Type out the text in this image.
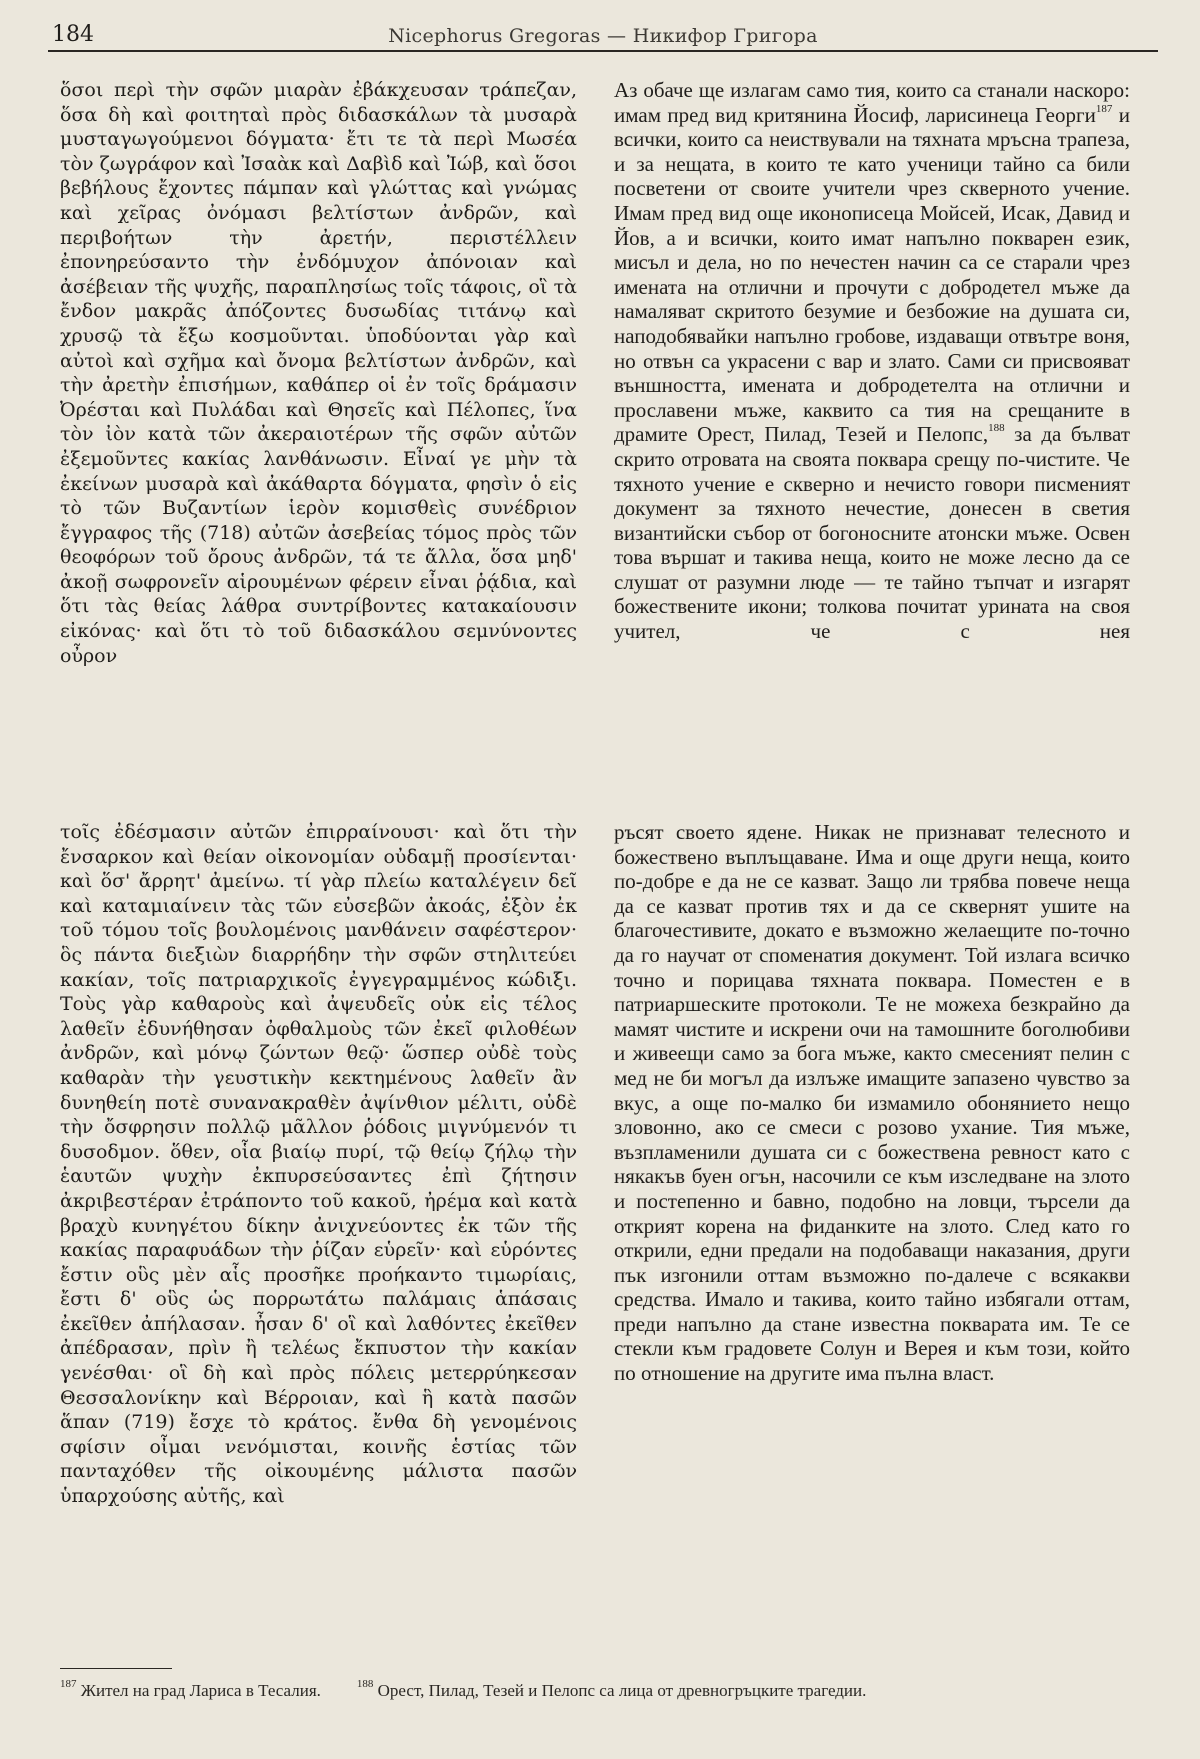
184	Nicephorus Gregoras — Никифор Григора

ὅσοι περὶ τὴν σφῶν μιαρὰν ἐβάκχευσαν τράπεζαν, ὅσα δὴ καὶ φοιτηταὶ πρὸς διδασκάλων τὰ μυσαρὰ μυσταγωγούμενοι δόγματα· ἔτι τε τὰ περὶ Μωσέα τὸν ζωγράφον καὶ Ἰσαὰκ καὶ Δαβὶδ καὶ Ἰώβ, καὶ ὅσοι βεβήλους ἔχοντες πάμπαν καὶ γλώττας καὶ γνώμας καὶ χεῖρας ὀνόμασι βελτίστων ἀνδρῶν, καὶ περιβοήτων τὴν ἀρετήν, περιστέλλειν ἐπονηρεύσαντο τὴν ἐνδόμυχον ἀπόνοιαν καὶ ἀσέβειαν τῆς ψυχῆς, παραπλησίως τοῖς τάφοις, οἳ τὰ ἔνδον μακρᾶς ἀπόζοντες δυσωδίας τιτάνῳ καὶ χρυσῷ τὰ ἔξω κοσμοῦνται. ὑποδύονται γὰρ καὶ αὐτοὶ καὶ σχῆμα καὶ ὄνομα βελτίστων ἀνδρῶν, καὶ τὴν ἀρετὴν ἐπισήμων, καθάπερ οἱ ἐν τοῖς δράμασιν Ὀρέσται καὶ Πυλάδαι καὶ Θησεῖς καὶ Πέλοπες, ἵνα τὸν ἰὸν κατὰ τῶν ἀκεραιοτέρων τῆς σφῶν αὐτῶν ἐξεμοῦντες κακίας λανθάνωσιν. Εἶναί γε μὴν τὰ ἐκείνων μυσαρὰ καὶ ἀκάθαρτα δόγματα, φησὶν ὁ εἰς τὸ τῶν Βυζαντίων ἱερὸν κομισθεὶς συνέδριον ἔγγραφος τῆς (718) αὐτῶν ἀσεβείας τόμος πρὸς τῶν θεοφόρων τοῦ ὄρους ἀνδρῶν, τά τε ἄλλα, ὅσα μηδ' ἀκοῇ σωφρονεῖν αἱρουμένων φέρειν εἶναι ῥᾴδια, καὶ ὅτι τὰς θείας λάθρα συντρίβοντες κατακαίουσιν εἰκόνας· καὶ ὅτι τὸ τοῦ διδασκάλου σεμνύνοντες οὖρον

τοῖς ἐδέσμασιν αὐτῶν ἐπιρραίνουσι· καὶ ὅτι τὴν ἔνσαρκον καὶ θείαν οἰκονομίαν οὐδαμῇ προσίενται· καὶ ὅσ' ἄρρητ' ἀμείνω. τί γὰρ πλείω καταλέγειν δεῖ καὶ καταμιαίνειν τὰς τῶν εὐσεβῶν ἀκοάς, ἐξὸν ἐκ τοῦ τόμου τοῖς βουλομένοις μανθάνειν σαφέστερον· ὃς πάντα διεξιὼν διαρρήδην τὴν σφῶν στηλιτεύει κακίαν, τοῖς πατριαρχικοῖς ἐγγεγραμμένος κώδιξι. Τοὺς γὰρ καθαροὺς καὶ ἀψευδεῖς οὐκ εἰς τέλος λαθεῖν ἐδυνήθησαν ὀφθαλμοὺς τῶν ἐκεῖ φιλοθέων ἀνδρῶν, καὶ μόνῳ ζώντων θεῷ· ὥσπερ οὐδὲ τοὺς καθαρὰν τὴν γευστικὴν κεκτημένους λαθεῖν ἂν δυνηθείη ποτὲ συνανακραθὲν ἀψίνθιον μέλιτι, οὐδὲ τὴν ὄσφρησιν πολλῷ μᾶλλον ῥόδοις μιγνύμενόν τι δυσοδμον. ὅθεν, οἷα βιαίῳ πυρί, τῷ θείῳ ζήλῳ τὴν ἑαυτῶν ψυχὴν ἐκπυρσεύσαντες ἐπὶ ζήτησιν ἀκριβεστέραν ἐτράποντο τοῦ κακοῦ, ἠρέμα καὶ κατὰ βραχὺ κυνηγέτου δίκην ἀνιχνεύοντες ἐκ τῶν τῆς κακίας παραφυάδων τὴν ῥίζαν εὑρεῖν· καὶ εὑρόντες ἔστιν οὓς μὲν αἷς προσῆκε προήκαντο τιμωρίαις, ἔστι δ' οὓς ὡς πορρωτάτω παλάμαις ἁπάσαις ἐκεῖθεν ἀπήλασαν. ἦσαν δ' οἳ καὶ λαθόντες ἐκεῖθεν ἀπέδρασαν, πρὶν ἢ τελέως ἔκπυστον τὴν κακίαν γενέσθαι· οἳ δὴ καὶ πρὸς πόλεις μετερρύηκεσαν Θεσσαλονίκην καὶ Βέρροιαν, καὶ ἣ κατὰ πασῶν ἅπαν (719) ἔσχε τὸ κράτος. ἔνθα δὴ γενομένοις σφίσιν οἶμαι νενόμισται, κοινῆς ἑστίας τῶν πανταχόθεν τῆς οἰκουμένης μάλιστα πασῶν ὑπαρχούσης αὐτῆς, καὶ

Аз обаче ще излагам само тия, които са станали наскоро: имам пред вид критянина Йосиф, ларисинеца Георги$^{187}$ и всички, които са неиствували на тяхната мръсна трапеза, и за нещата, в които те като ученици тайно са били посветени от своите учители чрез скверното учение. Имам пред вид още иконописеца Мойсей, Исак, Давид и Йов, а и всички, които имат напълно покварен език, мисъл и дела, но по нечестен начин са се старали чрез имената на отлични и прочути с добродетел мъже да намаляват скритото безумие и безбожие на душата си, наподобявайки напълно гробове, издаващи отвътре воня, но отвън са украсени с вар и злато. Сами си присвояват външността, имената и добродетелта на отлични и прославени мъже, каквито са тия на срещаните в драмите Орест, Пилад, Тезей и Пелопс,$^{188}$ за да бълват скрито отровата на своята поквара срещу по-чистите. Че тяхното учение е скверно и нечисто говори писменият документ за тяхното нечестие, донесен в светия византийски събор от богоносните атонски мъже. Освен това вършат и такива неща, които не може лесно да се слушат от разумни люде — те тайно тъпчат и изгарят божествените икони; толкова почитат урината на своя учител, че с нея

ръсят своето ядене. Никак не признават телесното и божествено въплъщаване. Има и още други неща, които по-добре е да не се казват. Защо ли трябва повече неща да се казват против тях и да се сквернят ушите на благочестивите, докато е възможно желаещите по-точно да го научат от споменатия документ. Той излага всичко точно и порицава тяхната поквара. Поместен е в патриаршеските протоколи. Те не можеха безкрайно да мамят чистите и искрени очи на тамошните боголюбиви и живеещи само за бога мъже, както смесеният пелин с мед не би могъл да излъже имащите запазено чувство за вкус, а още по-малко би измамило обонянието нещо зловонно, ако се смеси с розово ухание. Тия мъже, възпламенили душата си с божествена ревност като с някакъв буен огън, насочили се към изследване на злото и постепенно и бавно, подобно на ловци, търсели да открият корена на фиданките на злото. След като го открили, едни предали на подобаващи наказания, други пък изгонили оттам възможно по-далече с всякакви средства. Имало и такива, които тайно избягали оттам, преди напълно да стане известна покварата им. Те се стекли към градовете Солун и Верея и към този, който по отношение на другите има пълна власт.

$^{187}$ Жител на град Лариса в Тесалия.	$^{188}$ Орест, Пилад, Тезей и Пелопс са лица от древногръцките трагедии.
